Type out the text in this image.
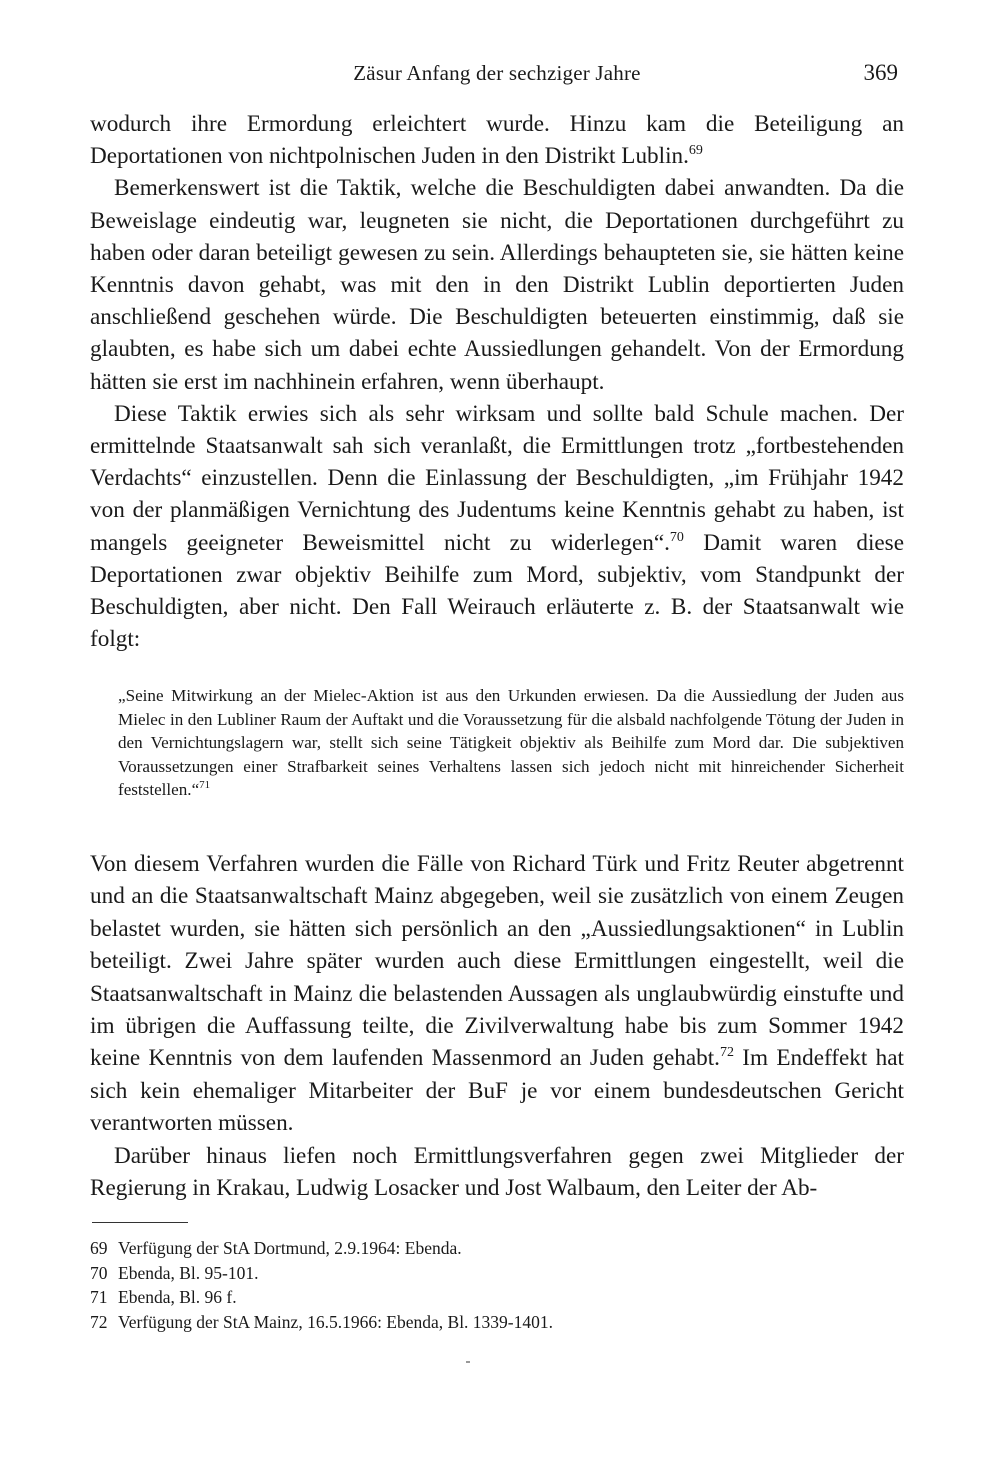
Zäsur Anfang der sechziger Jahre	369

wodurch ihre Ermordung erleichtert wurde. Hinzu kam die Beteiligung an Deportationen von nichtpolnischen Juden in den Distrikt Lublin.$^{69}$

Bemerkenswert ist die Taktik, welche die Beschuldigten dabei anwandten. Da die Beweislage eindeutig war, leugneten sie nicht, die Deportationen durchgeführt zu haben oder daran beteiligt gewesen zu sein. Allerdings behaupteten sie, sie hätten keine Kenntnis davon gehabt, was mit den in den Distrikt Lublin deportierten Juden anschließend geschehen würde. Die Beschuldigten beteuerten einstimmig, daß sie glaubten, es habe sich um dabei echte Aussiedlungen gehandelt. Von der Ermordung hätten sie erst im nachhinein erfahren, wenn überhaupt.

Diese Taktik erwies sich als sehr wirksam und sollte bald Schule machen. Der ermittelnde Staatsanwalt sah sich veranlaßt, die Ermittlungen trotz „fortbestehenden Verdachts“ einzustellen. Denn die Einlassung der Beschuldigten, „im Frühjahr 1942 von der planmäßigen Vernichtung des Judentums keine Kenntnis gehabt zu haben, ist mangels geeigneter Beweismittel nicht zu widerlegen“.$^{70}$ Damit waren diese Deportationen zwar objektiv Beihilfe zum Mord, subjektiv, vom Standpunkt der Beschuldigten, aber nicht. Den Fall Weirauch erläuterte z. B. der Staatsanwalt wie folgt:

„Seine Mitwirkung an der Mielec-Aktion ist aus den Urkunden erwiesen. Da die Aussiedlung der Juden aus Mielec in den Lubliner Raum der Auftakt und die Voraussetzung für die alsbald nachfolgende Tötung der Juden in den Vernichtungslagern war, stellt sich seine Tätigkeit objektiv als Beihilfe zum Mord dar. Die subjektiven Voraussetzungen einer Strafbarkeit seines Verhaltens lassen sich jedoch nicht mit hinreichender Sicherheit feststellen.“$^{71}$

Von diesem Verfahren wurden die Fälle von Richard Türk und Fritz Reuter abgetrennt und an die Staatsanwaltschaft Mainz abgegeben, weil sie zusätzlich von einem Zeugen belastet wurden, sie hätten sich persönlich an den „Aussiedlungsaktionen“ in Lublin beteiligt. Zwei Jahre später wurden auch diese Ermittlungen eingestellt, weil die Staatsanwaltschaft in Mainz die belastenden Aussagen als unglaubwürdig einstufte und im übrigen die Auffassung teilte, die Zivilverwaltung habe bis zum Sommer 1942 keine Kenntnis von dem laufenden Massenmord an Juden gehabt.$^{72}$ Im Endeffekt hat sich kein ehemaliger Mitarbeiter der BuF je vor einem bundesdeutschen Gericht verantworten müssen.

Darüber hinaus liefen noch Ermittlungsverfahren gegen zwei Mitglieder der Regierung in Krakau, Ludwig Losacker und Jost Walbaum, den Leiter der Ab-

69 Verfügung der StA Dortmund, 2.9.1964: Ebenda.
70 Ebenda, Bl. 95-101.
71 Ebenda, Bl. 96 f.
72 Verfügung der StA Mainz, 16.5.1966: Ebenda, Bl. 1339-1401.
